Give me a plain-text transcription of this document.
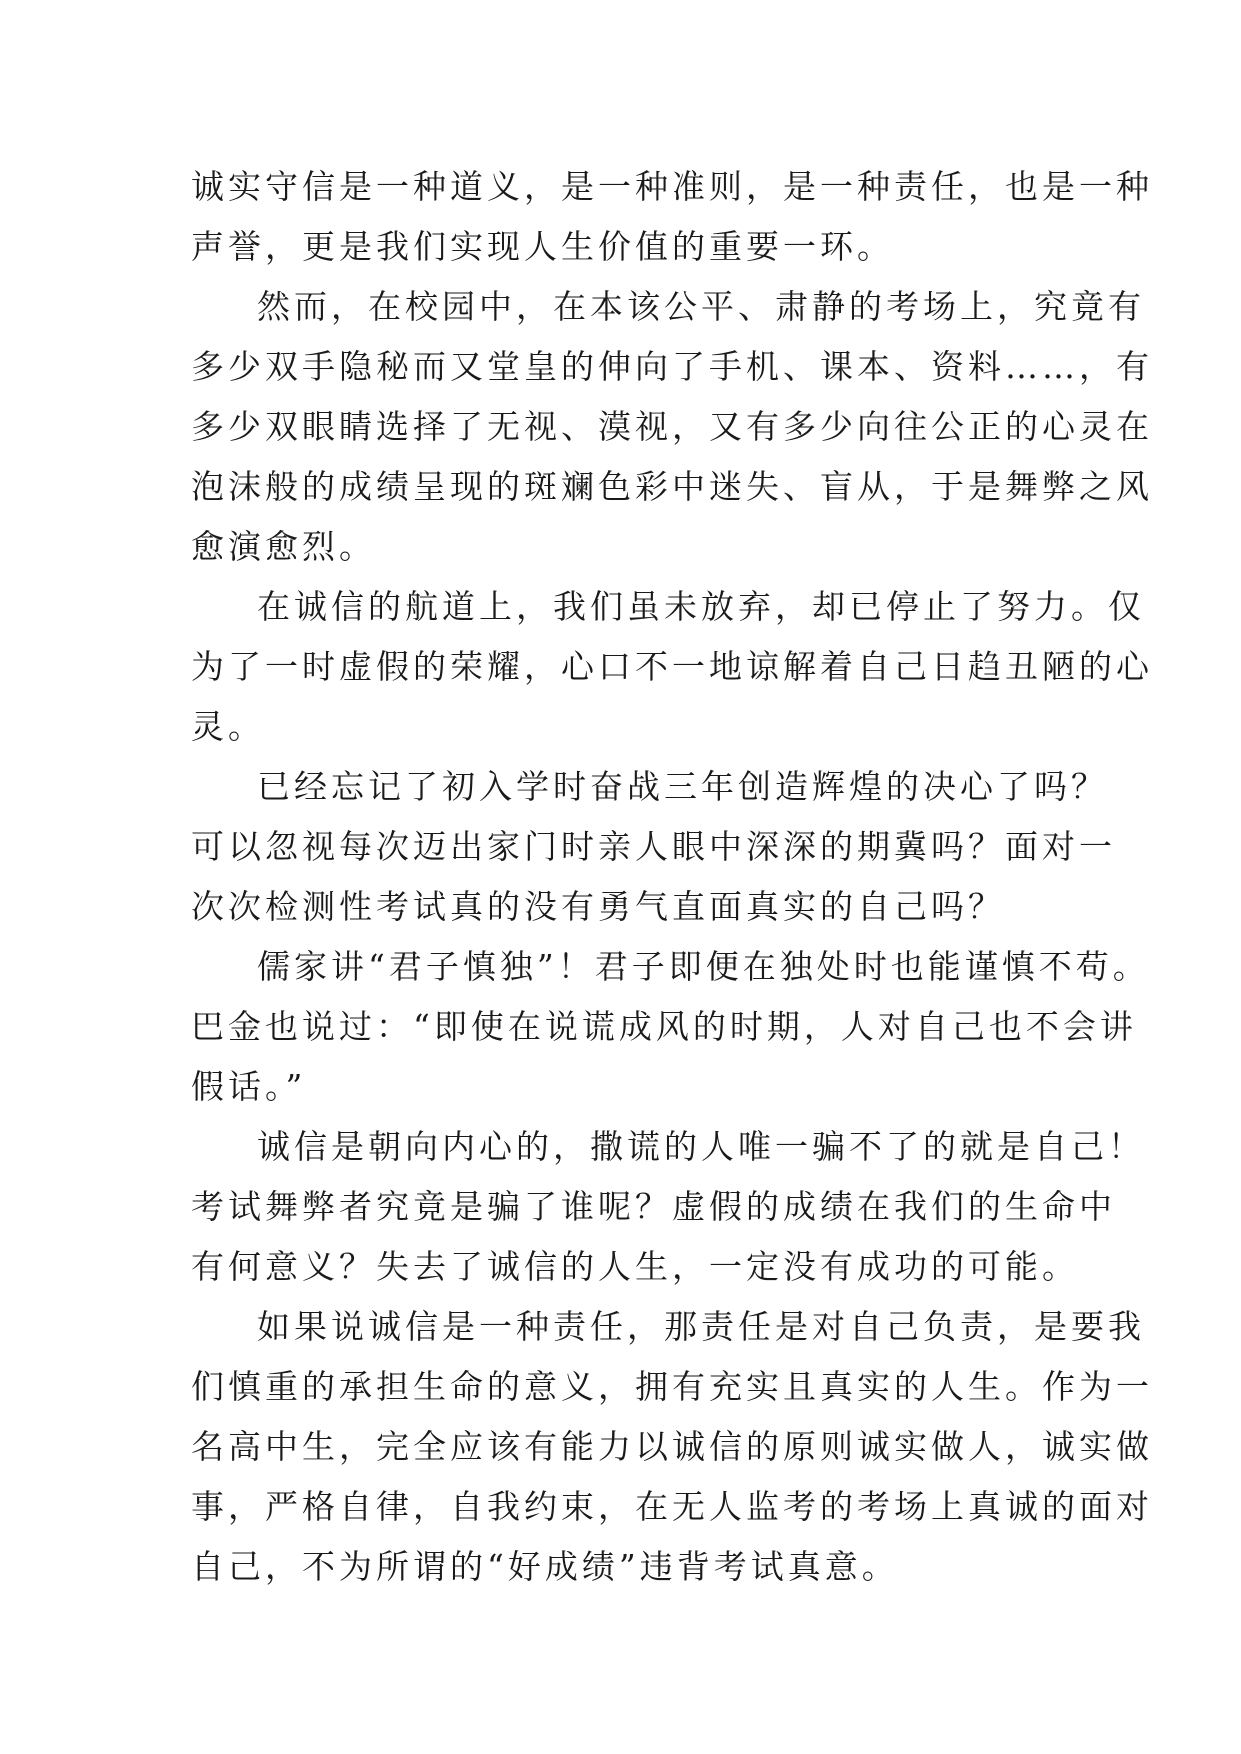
诚实守信是一种道义，是一种准则，是一种责任，也是一种

声誉，更是我们实现人生价值的重要一环。

然而，在校园中，在本该公平、肃静的考场上，究竟有

多少双手隐秘而又堂皇的伸向了手机、课本、资料……，有

多少双眼睛选择了无视、漠视，又有多少向往公正的心灵在

泡沫般的成绩呈现的斑斓色彩中迷失、盲从，于是舞弊之风

愈演愈烈。

在诚信的航道上，我们虽未放弃，却已停止了努力。仅

为了一时虚假的荣耀，心口不一地谅解着自己日趋丑陋的心

灵。

已经忘记了初入学时奋战三年创造辉煌的决心了吗？

可以忽视每次迈出家门时亲人眼中深深的期冀吗？面对一

次次检测性考试真的没有勇气直面真实的自己吗？

儒家讲“君子慎独”！君子即便在独处时也能谨慎不苟。

巴金也说过：“即使在说谎成风的时期，人对自己也不会讲

假话。”

诚信是朝向内心的，撒谎的人唯一骗不了的就是自己！

考试舞弊者究竟是骗了谁呢？虚假的成绩在我们的生命中

有何意义？失去了诚信的人生，一定没有成功的可能。

如果说诚信是一种责任，那责任是对自己负责，是要我

们慎重的承担生命的意义，拥有充实且真实的人生。作为一

名高中生，完全应该有能力以诚信的原则诚实做人，诚实做

事，严格自律，自我约束，在无人监考的考场上真诚的面对

自己，不为所谓的“好成绩”违背考试真意。
